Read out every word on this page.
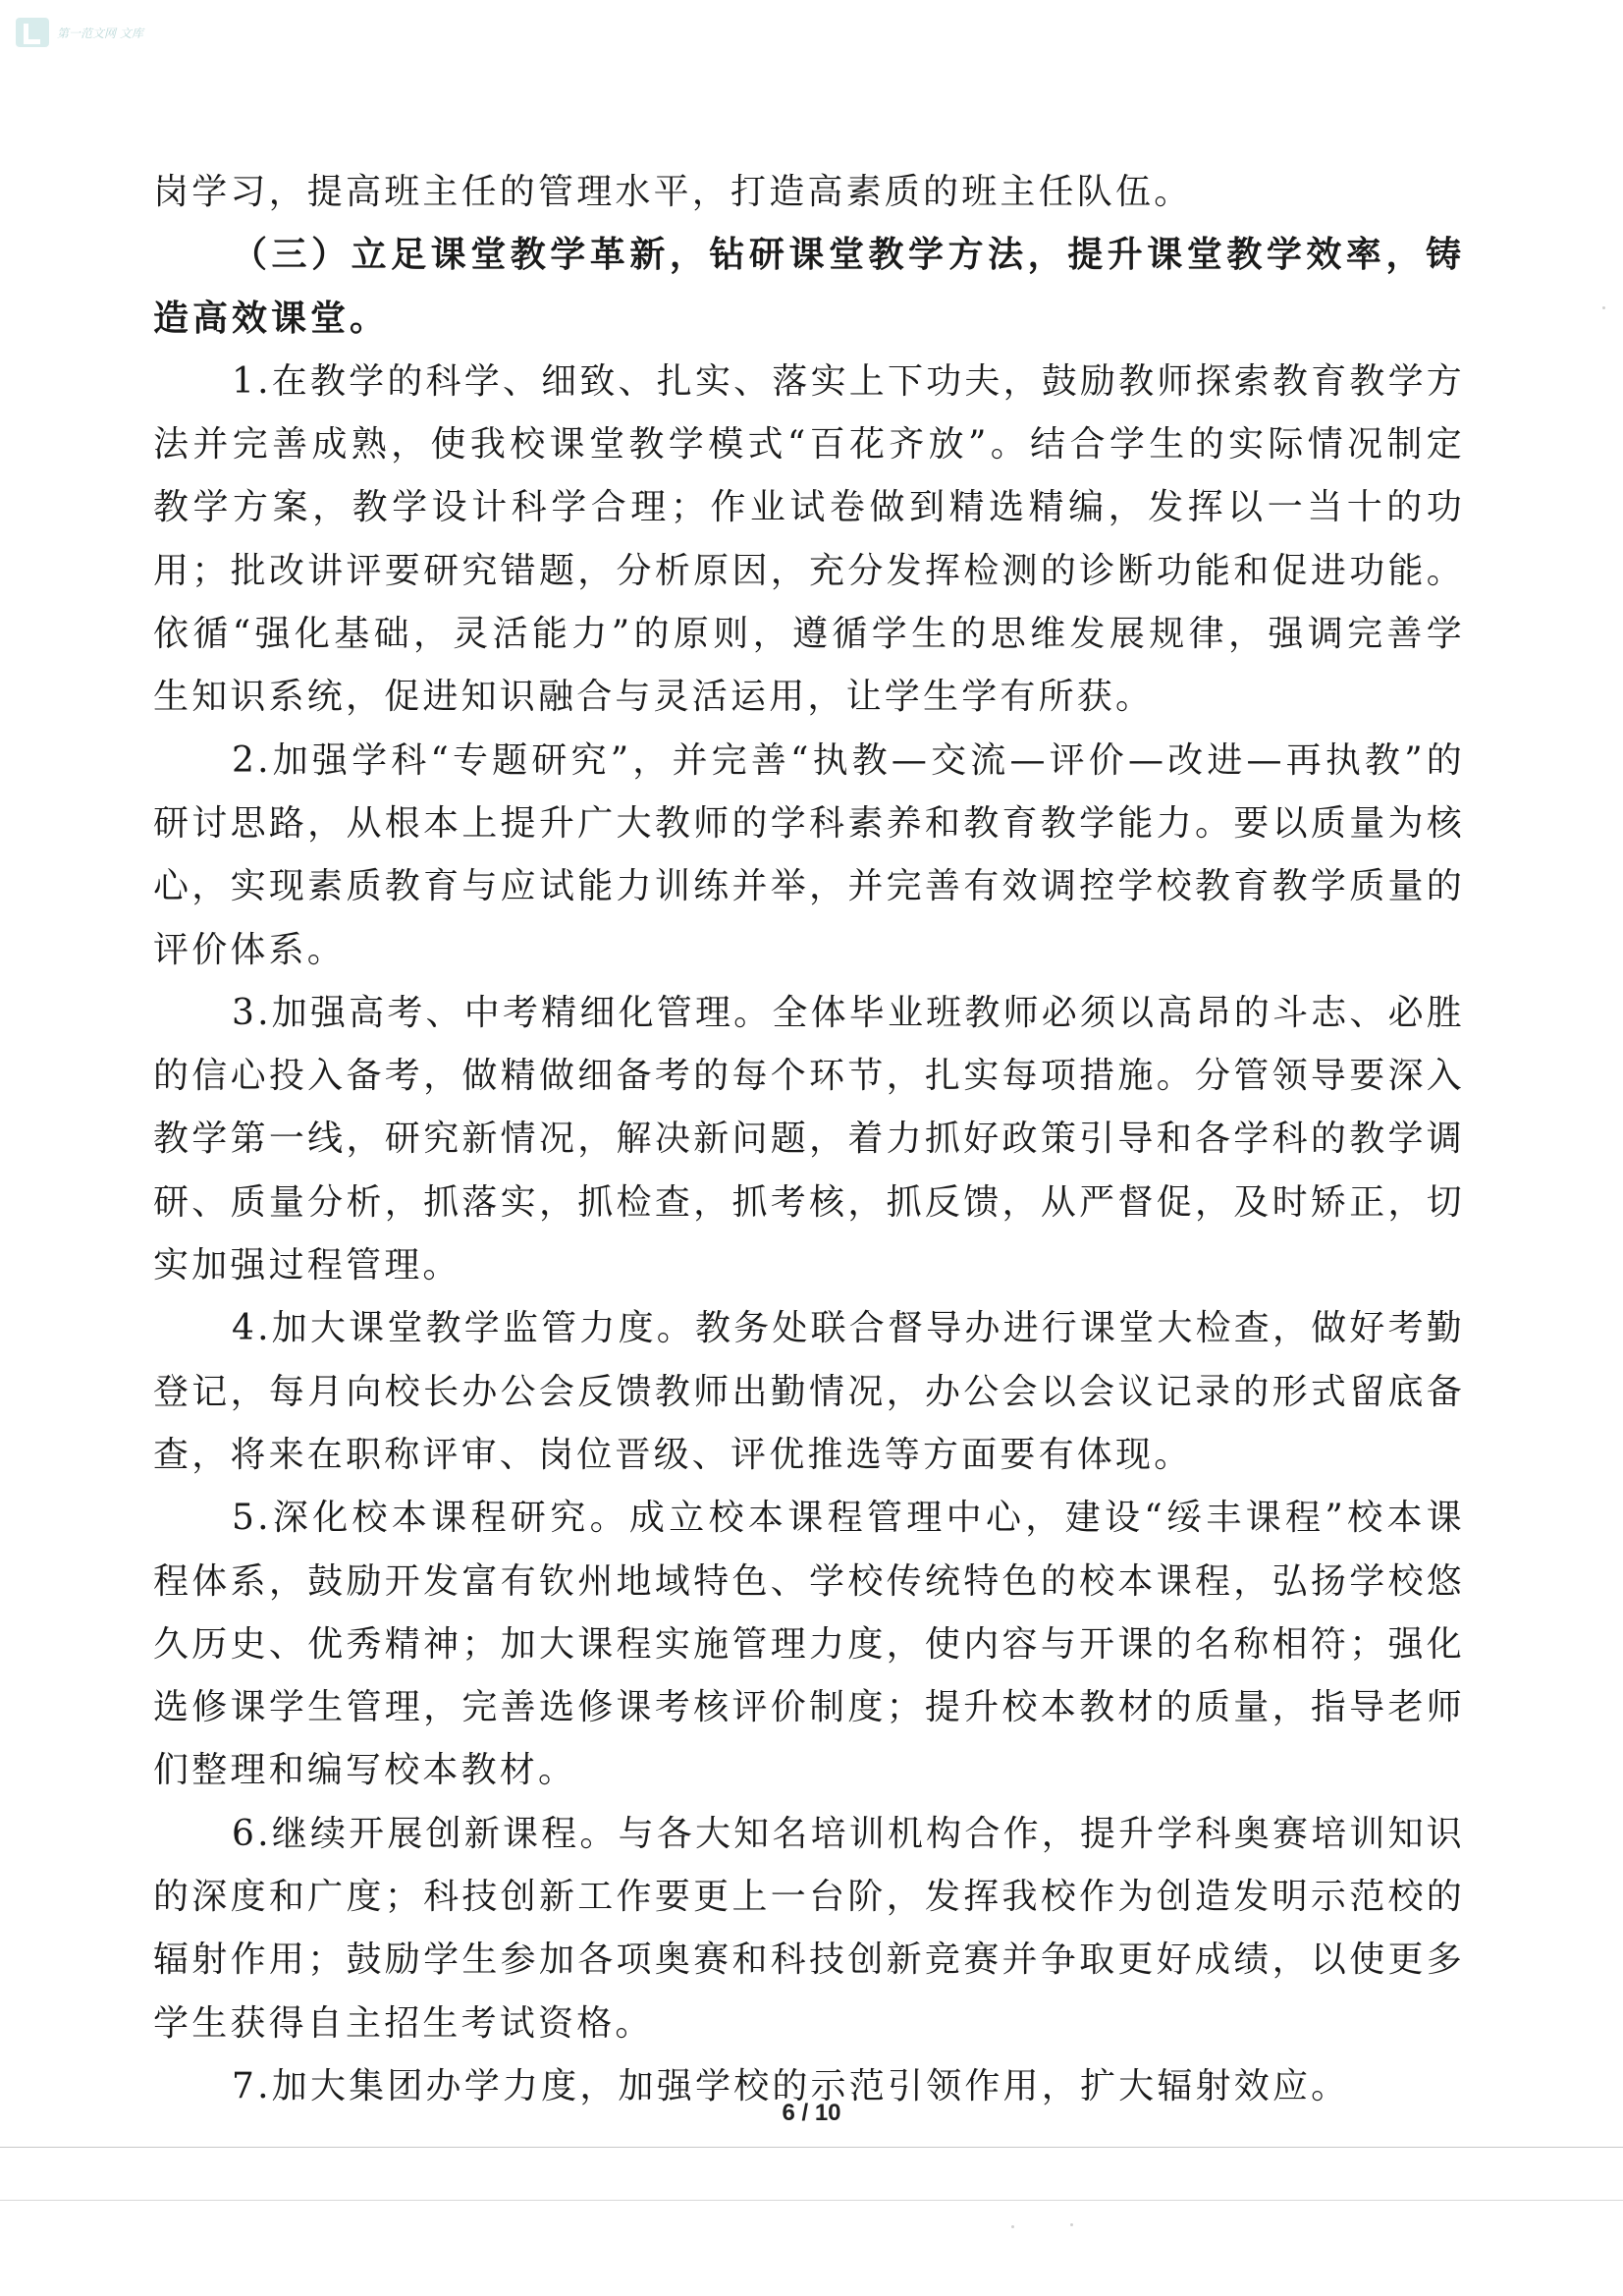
第一范文网 文库

岗学习，提高班主任的管理水平，打造高素质的班主任队伍。

（三）立足课堂教学革新，钻研课堂教学方法，提升课堂教学效率，铸造高效课堂。

1.在教学的科学、细致、扎实、落实上下功夫，鼓励教师探索教育教学方法并完善成熟，使我校课堂教学模式“百花齐放”。结合学生的实际情况制定教学方案，教学设计科学合理；作业试卷做到精选精编，发挥以一当十的功用；批改讲评要研究错题，分析原因，充分发挥检测的诊断功能和促进功能。依循“强化基础，灵活能力”的原则，遵循学生的思维发展规律，强调完善学生知识系统，促进知识融合与灵活运用，让学生学有所获。

2.加强学科“专题研究”，并完善“执教—交流—评价—改进—再执教”的研讨思路，从根本上提升广大教师的学科素养和教育教学能力。要以质量为核心，实现素质教育与应试能力训练并举，并完善有效调控学校教育教学质量的评价体系。

3.加强高考、中考精细化管理。全体毕业班教师必须以高昂的斗志、必胜的信心投入备考，做精做细备考的每个环节，扎实每项措施。分管领导要深入教学第一线，研究新情况，解决新问题，着力抓好政策引导和各学科的教学调研、质量分析，抓落实，抓检查，抓考核，抓反馈，从严督促，及时矫正，切实加强过程管理。

4.加大课堂教学监管力度。教务处联合督导办进行课堂大检查，做好考勤登记，每月向校长办公会反馈教师出勤情况，办公会以会议记录的形式留底备查，将来在职称评审、岗位晋级、评优推选等方面要有体现。

5.深化校本课程研究。成立校本课程管理中心，建设“绥丰课程”校本课程体系，鼓励开发富有钦州地域特色、学校传统特色的校本课程，弘扬学校悠久历史、优秀精神；加大课程实施管理力度，使内容与开课的名称相符；强化选修课学生管理，完善选修课考核评价制度；提升校本教材的质量，指导老师们整理和编写校本教材。

6.继续开展创新课程。与各大知名培训机构合作，提升学科奥赛培训知识的深度和广度；科技创新工作要更上一台阶，发挥我校作为创造发明示范校的辐射作用；鼓励学生参加各项奥赛和科技创新竞赛并争取更好成绩，以使更多学生获得自主招生考试资格。

7.加大集团办学力度，加强学校的示范引领作用，扩大辐射效应。

6 / 10
